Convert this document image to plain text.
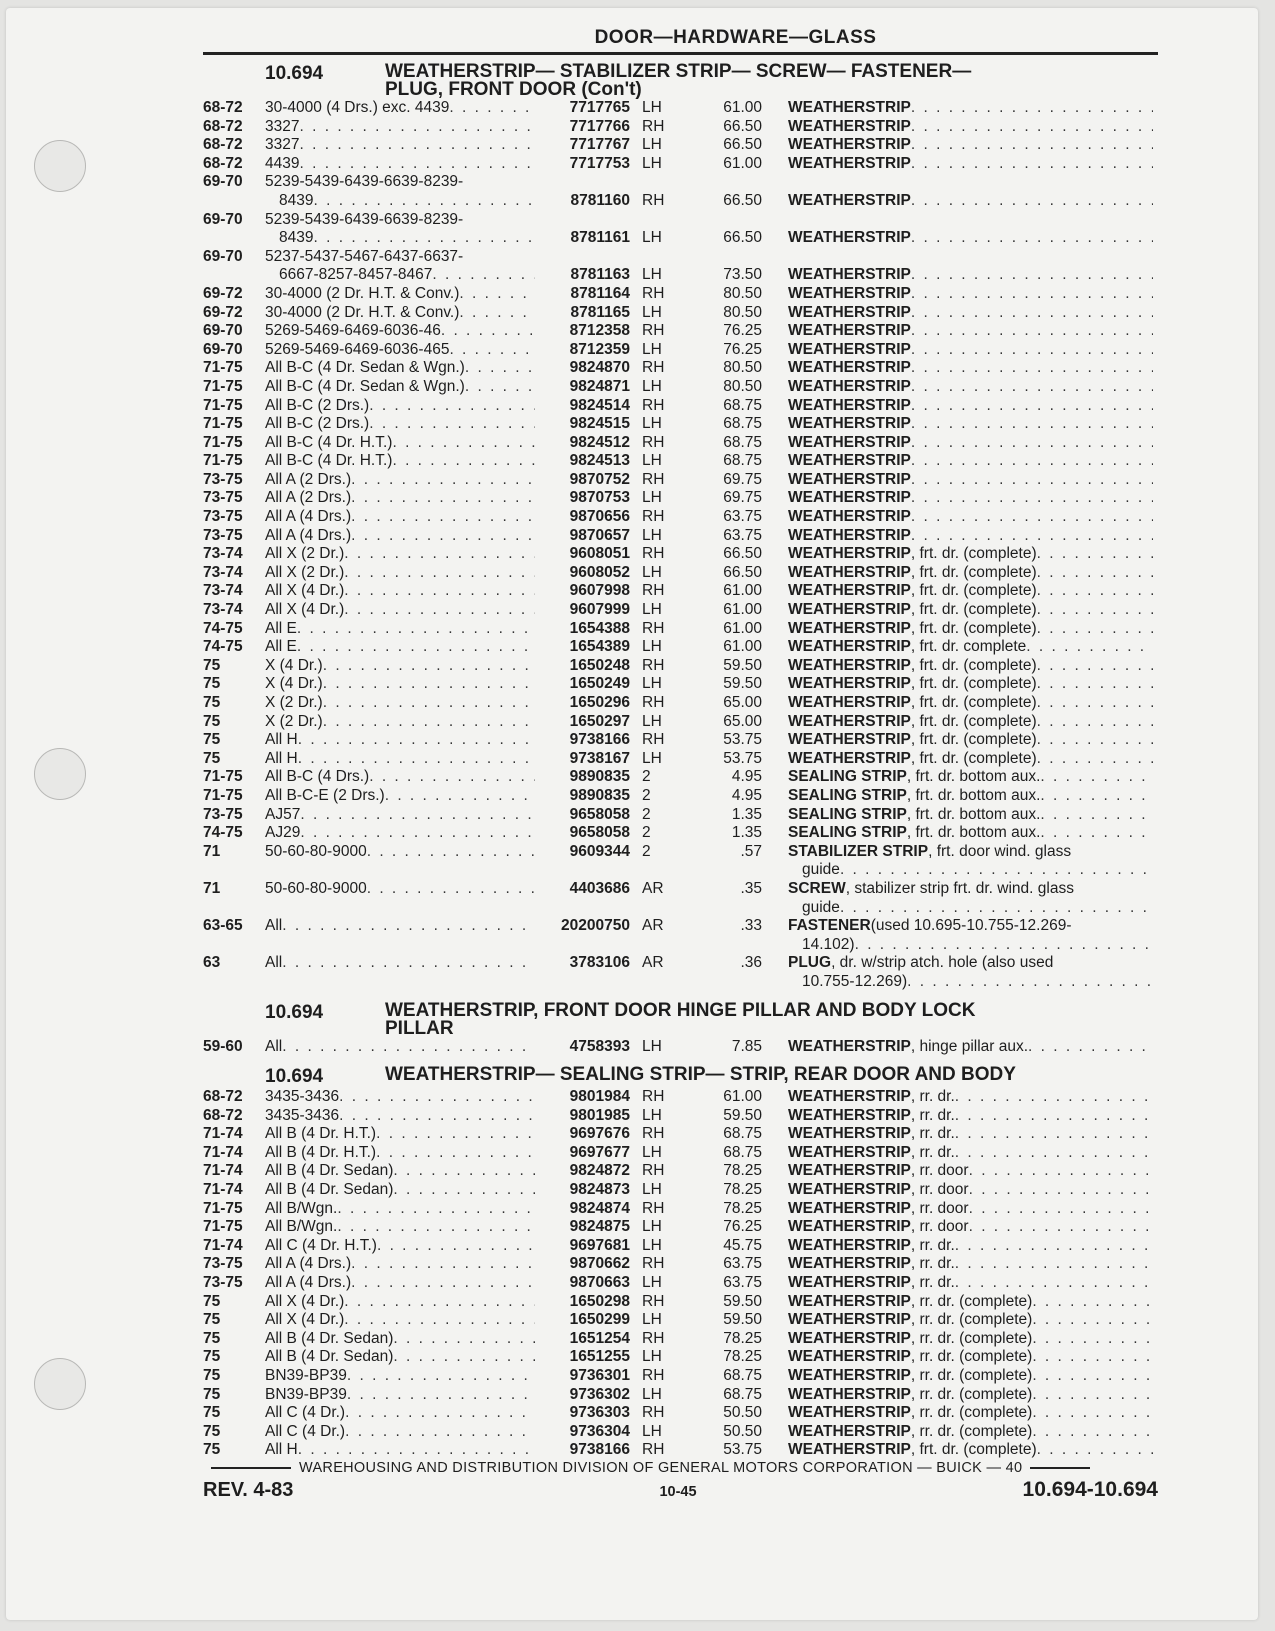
DOOR—HARDWARE—GLASS
10.694	WEATHERSTRIP— STABILIZER STRIP— SCREW— FASTENER—
PLUG, FRONT DOOR (Con't)
68-72	30-4000 (4 Drs.) exc. 4439 . . .	7717765 LH	61.00 WEATHERSTRIP
. . .
68-72	3327 . . .	7717766 RH	66.50 WEATHERSTRIP
. . .
68-72	3327 . . .	7717767 LH	66.50 WEATHERSTRIP
. . .
68-72	4439 . . .	7717753 LH	61.00 WEATHERSTRIP
. . .
69-70	5239-5439-6439-6639-8239-
8439 . . .	8781160 RH	66.50 WEATHERSTRIP
. . .
69-70	5239-5439-6439-6639-8239-
8439 . . .	8781161 LH	66.50 WEATHERSTRIP
. . .
69-70	5237-5437-5467-6437-6637-
6667-8257-8457-8467 . . .	8781163 LH	73.50 WEATHERSTRIP
. . .
69-72	30-4000 (2 Dr. H.T. & Conv.) . . .	8781164 RH	80.50 WEATHERSTRIP
. . .
69-72	30-4000 (2 Dr. H.T. & Conv.) . . .	8781165 LH	80.50 WEATHERSTRIP
. . .
69-70	5269-5469-6469-6036-46 . . .	8712358 RH	76.25 WEATHERSTRIP
. . .
69-70	5269-5469-6469-6036-465 . . .	8712359 LH	76.25 WEATHERSTRIP
. . .
71-75	All B-C (4 Dr. Sedan & Wgn.) . . .	9824870 RH	80.50 WEATHERSTRIP
. . .
71-75	All B-C (4 Dr. Sedan & Wgn.) . . .	9824871 LH	80.50 WEATHERSTRIP
. . .
71-75	All B-C (2 Drs.) . . .	9824514 RH	68.75 WEATHERSTRIP
. . .
71-75	All B-C (2 Drs.) . . .	9824515 LH	68.75 WEATHERSTRIP
. . .
71-75	All B-C (4 Dr. H.T.) . . .	9824512 RH	68.75 WEATHERSTRIP
. . .
71-75	All B-C (4 Dr. H.T.) . . .	9824513 LH	68.75 WEATHERSTRIP
. . .
73-75	All A (2 Drs.) . . .	9870752 RH	69.75 WEATHERSTRIP
. . .
73-75	All A (2 Drs.) . . .	9870753 LH	69.75 WEATHERSTRIP
. . .
73-75	All A (4 Drs.) . . .	9870656 RH	63.75 WEATHERSTRIP
. . .
73-75	All A (4 Drs.) . . .	9870657 LH	63.75 WEATHERSTRIP
. . .
73-74	All X (2 Dr.) . . .	9608051 RH	66.50 WEATHERSTRIP , frt. dr. (complete)
. . .
73-74	All X (2 Dr.) . . .	9608052 LH	66.50 WEATHERSTRIP , frt. dr. (complete)
. . .
73-74	All X (4 Dr.) . . .	9607998 RH	61.00 WEATHERSTRIP , frt. dr. (complete)
. . .
73-74	All X (4 Dr.) . . .	9607999 LH	61.00 WEATHERSTRIP , frt. dr. (complete)
. . .
74-75	All E . . .	1654388 RH	61.00 WEATHERSTRIP , frt. dr. (complete)
. . .
74-75	All E . . .	1654389 LH	61.00 WEATHERSTRIP , frt. dr. complete
. . .
75	X (4 Dr.) . . .	1650248 RH	59.50 WEATHERSTRIP , frt. dr. (complete)
. . .
75	X (4 Dr.) . . .	1650249 LH	59.50 WEATHERSTRIP , frt. dr. (complete)
. . .
75	X (2 Dr.) . . .	1650296 RH	65.00 WEATHERSTRIP , frt. dr. (complete)
. . .
75	X (2 Dr.) . . .	1650297 LH	65.00 WEATHERSTRIP , frt. dr. (complete)
. . .
75	All H . . .	9738166 RH	53.75 WEATHERSTRIP , frt. dr. (complete)
. . .
75	All H . . .	9738167 LH	53.75 WEATHERSTRIP , frt. dr. (complete)
. . .
71-75	All B-C (4 Drs.) . . .	9890835 2	4.95 SEALING STRIP , frt. dr. bottom aux.
. . .
71-75	All B-C-E (2 Drs.) . . .	9890835 2	4.95 SEALING STRIP , frt. dr. bottom aux.
. . .
73-75	AJ57 . . .	9658058 2	1.35 SEALING STRIP , frt. dr. bottom aux.
. . .
74-75	AJ29 . . .	9658058 2	1.35 SEALING STRIP , frt. dr. bottom aux.
. . .
71	50-60-80-9000 . . .	9609344 2	.57 STABILIZER STRIP , frt. door wind. glass
guide
. . .
71	50-60-80-9000 . . .	4403686 AR	.35 SCREW , stabilizer strip frt. dr. wind. glass
guide
. . .
63-65	All . . .	20200750 AR	.33 FASTENER (used 10.695-10.755-12.269-
14.102)
. . .
63	All . . .	3783106 AR	.36 PLUG , dr. w/strip atch. hole (also used
10.755-12.269)
. . .
10.694	WEATHERSTRIP, FRONT DOOR HINGE PILLAR AND BODY LOCK
PILLAR
59-60	All . . .	4758393 LH	7.85 WEATHERSTRIP , hinge pillar aux.
. . .
10.694	WEATHERSTRIP— SEALING STRIP— STRIP, REAR DOOR AND BODY
68-72	3435-3436 . . .	9801984 RH	61.00 WEATHERSTRIP , rr. dr.
. . .
68-72	3435-3436 . . .	9801985 LH	59.50 WEATHERSTRIP , rr. dr.
. . .
71-74	All B (4 Dr. H.T.) . . .	9697676 RH	68.75 WEATHERSTRIP , rr. dr.
. . .
71-74	All B (4 Dr. H.T.) . . .	9697677 LH	68.75 WEATHERSTRIP , rr. dr.
. . .
71-74	All B (4 Dr. Sedan) . . .	9824872 RH	78.25 WEATHERSTRIP , rr. door
. . .
71-74	All B (4 Dr. Sedan) . . .	9824873 LH	78.25 WEATHERSTRIP , rr. door
. . .
71-75	All B/Wgn. . . .	9824874 RH	78.25 WEATHERSTRIP , rr. door
. . .
71-75	All B/Wgn. . . .	9824875 LH	76.25 WEATHERSTRIP , rr. door
. . .
71-74	All C (4 Dr. H.T.) . . .	9697681 LH	45.75 WEATHERSTRIP , rr. dr.
. . .
73-75	All A (4 Drs.) . . .	9870662 RH	63.75 WEATHERSTRIP , rr. dr.
. . .
73-75	All A (4 Drs.) . . .	9870663 LH	63.75 WEATHERSTRIP , rr. dr.
. . .
75	All X (4 Dr.) . . .	1650298 RH	59.50 WEATHERSTRIP , rr. dr. (complete)
. . .
75	All X (4 Dr.) . . .	1650299 LH	59.50 WEATHERSTRIP , rr. dr. (complete)
. . .
75	All B (4 Dr. Sedan) . . .	1651254 RH	78.25 WEATHERSTRIP , rr. dr. (complete)
. . .
75	All B (4 Dr. Sedan) . . .	1651255 LH	78.25 WEATHERSTRIP , rr. dr. (complete)
. . .
75	BN39-BP39 . . .	9736301 RH	68.75 WEATHERSTRIP , rr. dr. (complete)
. . .
75	BN39-BP39 . . .	9736302 LH	68.75 WEATHERSTRIP , rr. dr. (complete)
. . .
75	All C (4 Dr.) . . .	9736303 RH	50.50 WEATHERSTRIP , rr. dr. (complete)
. . .
75	All C (4 Dr.) . . .	9736304 LH	50.50 WEATHERSTRIP , rr. dr. (complete)
. . .
75	All H . . .	9738166 RH	53.75 WEATHERSTRIP , frt. dr. (complete)
. . .
WAREHOUSING AND DISTRIBUTION DIVISION OF GENERAL MOTORS CORPORATION — BUICK — 40
REV. 4-83	10-45	10.694-10.694
